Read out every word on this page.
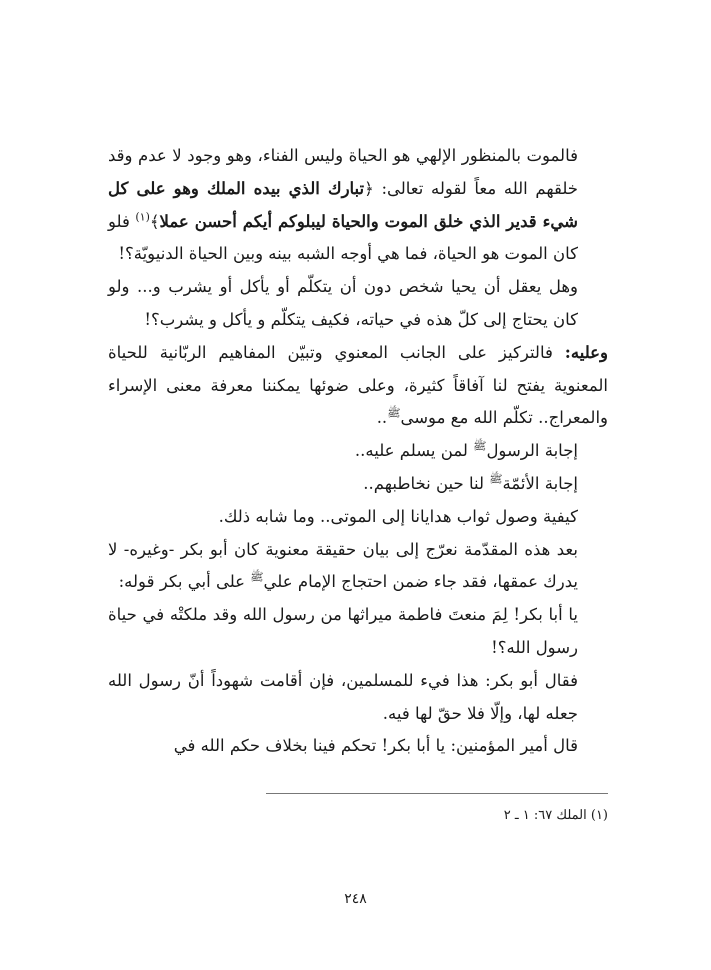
فالموت بالمنظور الإلهي هو الحياة وليس الفناء، وهو وجود لا عدم وقد خلقهم الله معاً لقوله تعالى: ﴿تبارك الذي بيده الملك وهو على كل شيء قدير الذي خلق الموت والحياة ليبلوكم أيكم أحسن عملا﴾$^{(١)}$ فلو كان الموت هو الحياة، فما هي أوجه الشبه بينه وبين الحياة الدنيويّة؟!

وهل يعقل أن يحيا شخص دون أن يتكلّم أو يأكل أو يشرب و... ولو كان يحتاج إلى كلّ هذه في حياته، فكيف يتكلّم و يأكل و يشرب؟!

وعليه: فالتركيز على الجانب المعنوي وتبيّن المفاهيم الربّانية للحياة المعنوية يفتح لنا آفاقاً كثيرة، وعلى ضوئها يمكننا معرفة معنى الإسراء والمعراج.. تكلّم الله مع موسى$^ﷺ$..

إجابة الرسول$^ﷺ$ لمن يسلم عليه..

إجابة الأئمّة$^ﷺ$ لنا حين نخاطبهم..

كيفية وصول ثواب هدايانا إلى الموتى.. وما شابه ذلك.

بعد هذه المقدّمة نعرّج إلى بيان حقيقة معنوية كان أبو بكر -وغيره- لا يدرك عمقها، فقد جاء ضمن احتجاج الإمام علي$^ﷺ$ على أبي بكر قوله:

يا أبا بكر! لِمَ منعتَ فاطمة ميراثها من رسول الله وقد ملكتْه في حياة رسول الله؟!

فقال أبو بكر: هذا فيء للمسلمين، فإن أقامت شهوداً أنّ رسول الله جعله لها، وإلّا فلا حقّ لها فيه.

قال أمير المؤمنين: يا أبا بكر! تحكم فينا بخلاف حكم الله في

(١) الملك ٦٧: ١ ـ ٢
٢٤٨
